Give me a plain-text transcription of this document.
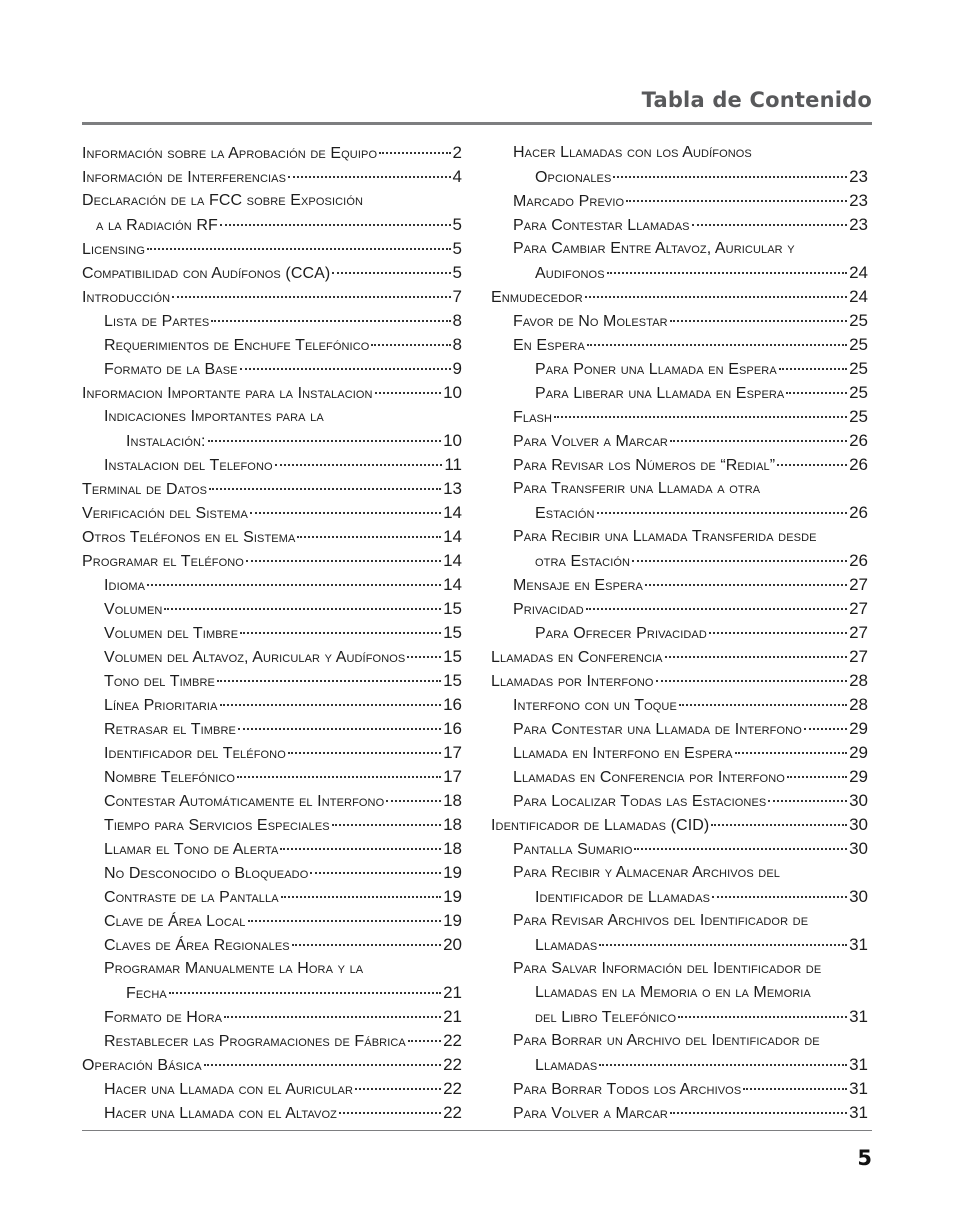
Tabla de Contenido
Información sobre la Aprobación de Equipo	2
Información de Interferencias	4
Declaración de la FCC sobre Exposición
a la Radiación RF	5
Licensing	5
Compatibilidad con Audífonos (CCA)	5
Introducción	7
Lista de Partes	8
Requerimientos de Enchufe Telefónico	8
Formato de la Base	9
Informacion Importante para la Instalacion	10
Indicaciones Importantes para la
Instalación:	10
Instalacion del Telefono	11
Terminal de Datos	13
Verificación del Sistema	14
Otros Teléfonos en el Sistema	14
Programar el Teléfono	14
Idioma	14
Volumen	15
Volumen del Timbre	15
Volumen del Altavoz, Auricular y Audífonos 15
Tono del Timbre	15
Línea Prioritaria	16
Retrasar el Timbre	16
Identificador del Teléfono	17
Nombre Telefónico	17
Contestar Automáticamente el Interfono	18
Tiempo para Servicios Especiales	18
Llamar el Tono de Alerta	18
No Desconocido o Bloqueado	19
Contraste de la Pantalla	19
Clave de Área Local	19
Claves de Área Regionales	20
Programar Manualmente la Hora y la
Fecha	21
Formato de Hora	21
Restablecer las Programaciones de Fábrica 22
Operación Básica	22
Hacer una Llamada con el Auricular	22
Hacer una Llamada con el Altavoz	22
Hacer Llamadas con los Audífonos
Opcionales	23
Marcado Previo	23
Para Contestar Llamadas	23
Para Cambiar Entre Altavoz, Auricular y
Audifonos	24
Enmudecedor	24
Favor de No Molestar	25
En Espera	25
Para Poner una Llamada en Espera	25
Para Liberar una Llamada en Espera	25
Flash	25
Para Volver a Marcar	26
Para Revisar los Números de “Redial”	26
Para Transferir una Llamada a otra
Estación	26
Para Recibir una Llamada Transferida desde
otra Estación	26
Mensaje en Espera	27
Privacidad	27
Para Ofrecer Privacidad	27
Llamadas en Conferencia	27
Llamadas por Interfono	28
Interfono con un Toque	28
Para Contestar una Llamada de Interfono	29
Llamada en Interfono en Espera	29
Llamadas en Conferencia por Interfono	29
Para Localizar Todas las Estaciones	30
Identificador de Llamadas (CID)	30
Pantalla Sumario	30
Para Recibir y Almacenar Archivos del
Identificador de Llamadas	30
Para Revisar Archivos del Identificador de
Llamadas	31
Para Salvar Información del Identificador de
Llamadas en la Memoria o en la Memoria
del Libro Telefónico	31
Para Borrar un Archivo del Identificador de
Llamadas	31
Para Borrar Todos los Archivos	31
Para Volver a Marcar	31
5
